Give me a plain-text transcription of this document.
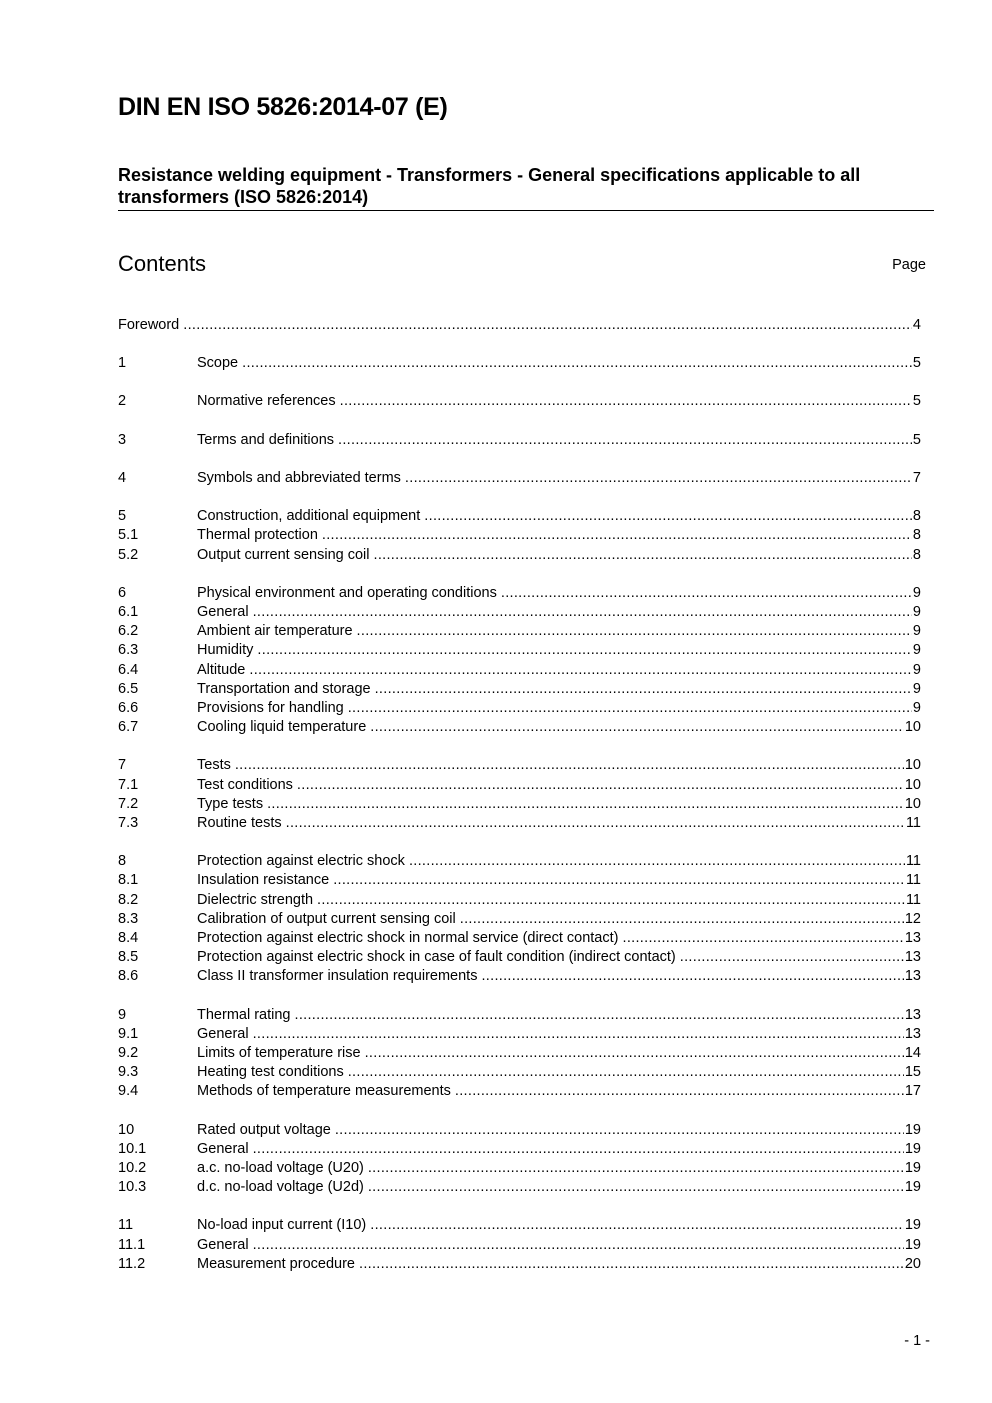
DIN EN ISO 5826:2014-07 (E)
Resistance welding equipment - Transformers - General specifications applicable to all transformers (ISO 5826:2014)
Contents	Page
Foreword .....	4
1	Scope .....	5
2	Normative references .....	5
3	Terms and definitions .....	5
4	Symbols and abbreviated terms .....	7
5	Construction, additional equipment .....	8
5.1	Thermal protection .....	8
5.2	Output current sensing coil .....	8
6	Physical environment and operating conditions .....	9
6.1	General .....	9
6.2	Ambient air temperature .....	9
6.3	Humidity .....	9
6.4	Altitude .....	9
6.5	Transportation and storage .....	9
6.6	Provisions for handling .....	9
6.7	Cooling liquid temperature .....	10
7	Tests .....	10
7.1	Test conditions .....	10
7.2	Type tests .....	10
7.3	Routine tests .....	11
8	Protection against electric shock .....	11
8.1	Insulation resistance .....	11
8.2	Dielectric strength .....	11
8.3	Calibration of output current sensing coil .....	12
8.4	Protection against electric shock in normal service (direct contact) .....	13
8.5	Protection against electric shock in case of fault condition (indirect contact) .....	13
8.6	Class II transformer insulation requirements .....	13
9	Thermal rating .....	13
9.1	General .....	13
9.2	Limits of temperature rise .....	14
9.3	Heating test conditions .....	15
9.4	Methods of temperature measurements .....	17
10	Rated output voltage .....	19
10.1	General .....	19
10.2	a.c. no-load voltage (U20) .....	19
10.3	d.c. no-load voltage (U2d) .....	19
11	No-load input current (I10) .....	19
11.1	General .....	19
11.2	Measurement procedure .....	20
- 1 -
